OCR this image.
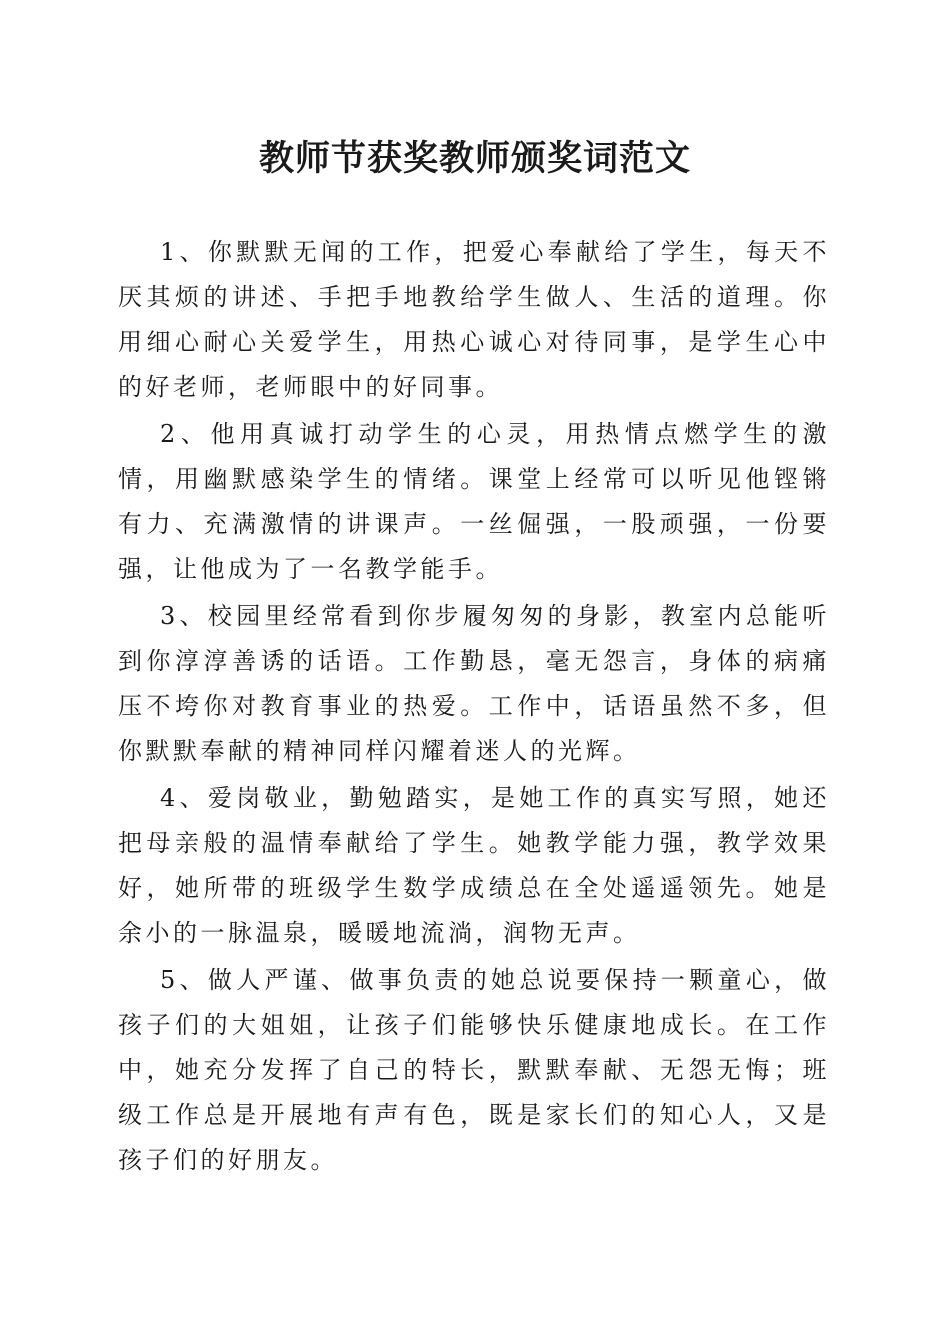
教师节获奖教师颁奖词范文

1、你默默无闻的工作，把爱心奉献给了学生，每天不厌其烦的讲述、手把手地教给学生做人、生活的道理。你用细心耐心关爱学生，用热心诚心对待同事，是学生心中的好老师，老师眼中的好同事。

2、他用真诚打动学生的心灵，用热情点燃学生的激情，用幽默感染学生的情绪。课堂上经常可以听见他铿锵有力、充满激情的讲课声。一丝倔强，一股顽强，一份要强，让他成为了一名教学能手。

3、校园里经常看到你步履匆匆的身影，教室内总能听到你淳淳善诱的话语。工作勤恳，毫无怨言，身体的病痛压不垮你对教育事业的热爱。工作中，话语虽然不多，但你默默奉献的精神同样闪耀着迷人的光辉。

4、爱岗敬业，勤勉踏实，是她工作的真实写照，她还把母亲般的温情奉献给了学生。她教学能力强，教学效果好，她所带的班级学生数学成绩总在全处遥遥领先。她是余小的一脉温泉，暖暖地流淌，润物无声。

5、做人严谨、做事负责的她总说要保持一颗童心，做孩子们的大姐姐，让孩子们能够快乐健康地成长。在工作中，她充分发挥了自己的特长，默默奉献、无怨无悔；班级工作总是开展地有声有色，既是家长们的知心人，又是孩子们的好朋友。
